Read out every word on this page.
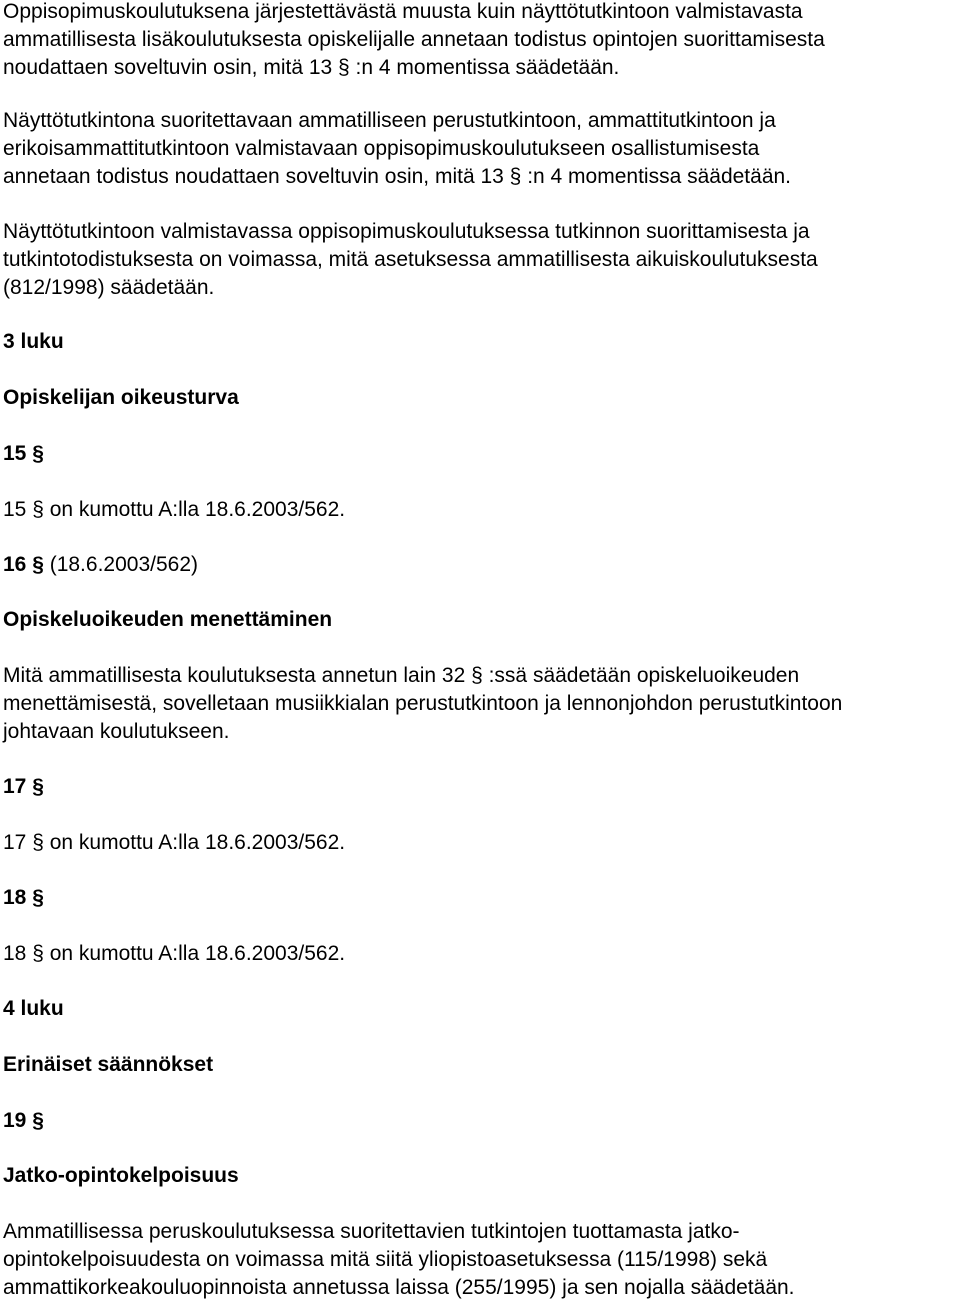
Oppisopimuskoulutuksena järjestettävästä muusta kuin näyttötutkintoon valmistavasta
ammatillisesta lisäkoulutuksesta opiskelijalle annetaan todistus opintojen suorittamisesta
noudattaen soveltuvin osin, mitä 13 § :n 4 momentissa säädetään.

Näyttötutkintona suoritettavaan ammatilliseen perustutkintoon, ammattitutkintoon ja
erikoisammattitutkintoon valmistavaan oppisopimuskoulutukseen osallistumisesta
annetaan todistus noudattaen soveltuvin osin, mitä 13 § :n 4 momentissa säädetään.

Näyttötutkintoon valmistavassa oppisopimuskoulutuksessa tutkinnon suorittamisesta ja
tutkintotodistuksesta on voimassa, mitä asetuksessa ammatillisesta aikuiskoulutuksesta
(812/1998) säädetään.

3 luku
Opiskelijan oikeusturva
15 §

15 § on kumottu A:lla 18.6.2003/562.

16 § (18.6.2003/562)
Opiskeluoikeuden menettäminen

Mitä ammatillisesta koulutuksesta annetun lain 32 § :ssä säädetään opiskeluoikeuden
menettämisestä, sovelletaan musiikkialan perustutkintoon ja lennonjohdon perustutkintoon
johtavaan koulutukseen.

17 §

17 § on kumottu A:lla 18.6.2003/562.

18 §

18 § on kumottu A:lla 18.6.2003/562.

4 luku
Erinäiset säännökset
19 §
Jatko-opintokelpoisuus

Ammatillisessa peruskoulutuksessa suoritettavien tutkintojen tuottamasta jatko-
opintokelpoisuudesta on voimassa mitä siitä yliopistoasetuksessa (115/1998) sekä
ammattikorkeakouluopinnoista annetussa laissa (255/1995) ja sen nojalla säädetään.
